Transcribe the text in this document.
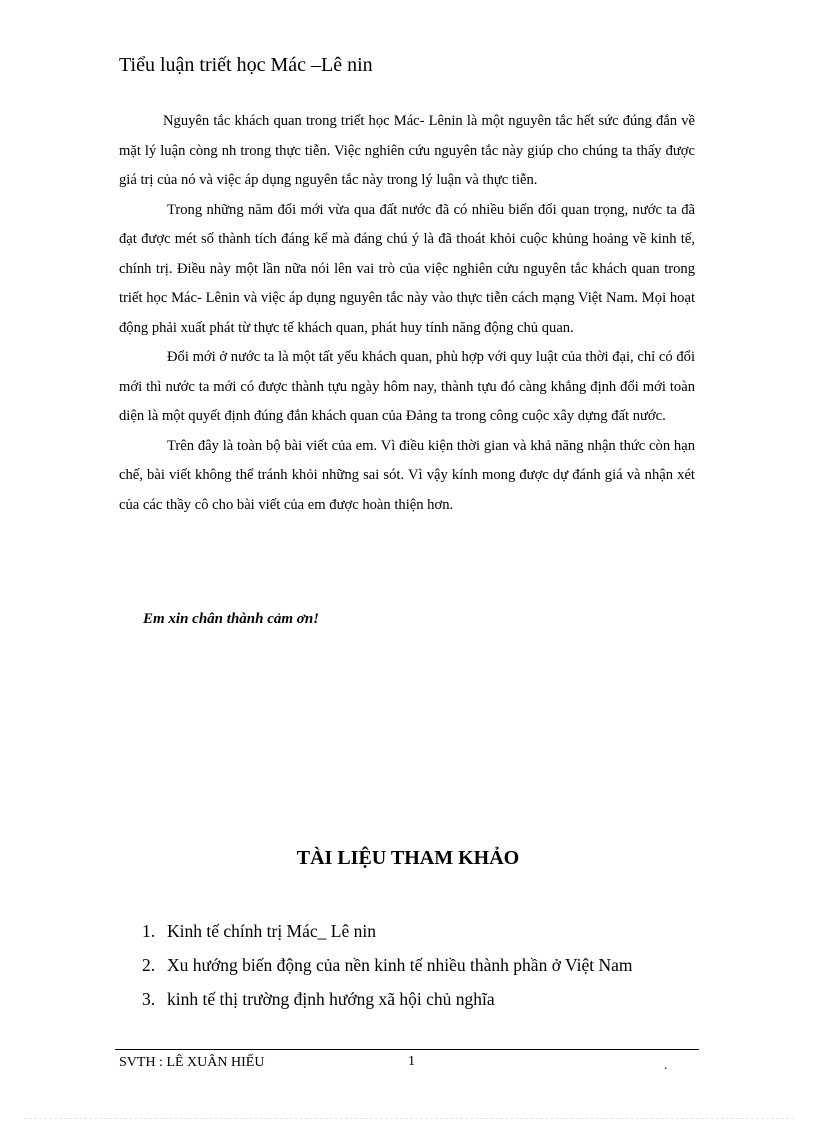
Tiểu luận triết học Mác –Lê nin

Nguyên tắc khách quan trong triết học Mác- Lênin là một nguyên tắc hết sức đúng đắn về mặt lý luận còng nh trong thực tiễn. Việc nghiên cứu nguyên tắc này giúp cho chúng ta thấy được giá trị của nó và việc áp dụng nguyên tắc này trong lý luận và thực tiễn.

Trong những năm đổi mới vừa qua đất nước đã có nhiều biến đổi quan trọng, nước ta đã đạt được mét số thành tích đáng kể mà đáng chú ý là đã thoát khỏi cuộc khủng hoảng về kinh tế, chính trị. Điều này một lần nữa nói lên vai trò của việc nghiên cứu nguyên tắc khách quan trong triết học Mác- Lênin và việc áp dụng nguyên tắc này vào thực tiễn cách mạng Việt Nam. Mọi hoạt động phải xuất phát từ thực tế khách quan, phát huy tính năng động chủ quan.

Đổi mới ở nước ta là một tất yếu khách quan, phù hợp với quy luật của thời đại, chỉ có đổi mới thì nước ta mới có được thành tựu ngày hôm nay, thành tựu đó càng khẳng định đổi mới toàn diện là một quyết định đúng đắn khách quan của Đảng ta trong công cuộc xây dựng đất nước.

Trên đây là toàn bộ bài viết của em. Vì điều kiện thời gian và khả năng nhận thức còn hạn chế, bài viết không thể tránh khỏi những sai sót. Vì vậy kính mong được dự đánh giá và nhận xét của các thầy cô cho bài viết của em được hoàn thiện hơn.

Em xin chân thành cảm ơn!
TÀI LIỆU THAM KHẢO
1. Kinh tế chính trị Mác_ Lê nin
2. Xu hướng biến động của nền kinh tế nhiều thành phần ở Việt Nam
3. kinh tế thị trường định hướng xã hội chủ nghĩa
SVTH : LÊ XUÂN HIẾU	1	.
